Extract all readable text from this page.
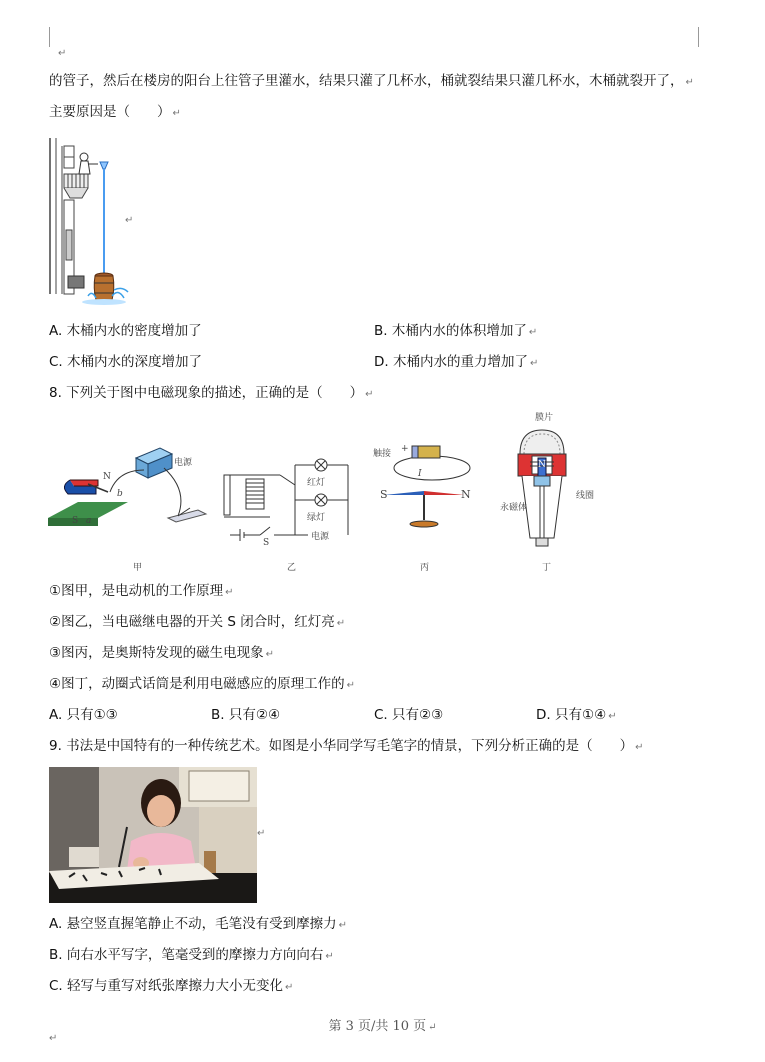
↵
的管子，然后在楼房的阳台上往管子里灌水，结果只灌了几杯水，桶就裂结果只灌几杯水，木桶就裂开了， ↵
主要原因是（　　） ↵
↵
A. 木桶内水的密度增加了	B. 木桶内水的体积增加了 ↵
C. 木桶内水的深度增加了	D. 木桶内水的重力增加了 ↵
8. 下列关于图中电磁现象的描述，正确的是（　　） ↵
电源
N
b
S a
红灯
绿灯
S
电源
触接 +
I
S	N
膜片
N
永磁体
线圈
甲	乙	丙	丁
①图甲，是电动机的工作原理 ↵
②图乙，当电磁继电器的开关 S 闭合时，红灯亮 ↵
③图丙，是奥斯特发现的磁生电现象 ↵
④图丁，动圈式话筒是利用电磁感应的原理工作的 ↵
A. 只有①③	B. 只有②④	C. 只有②③	D. 只有①④ ↵
9. 书法是中国特有的一种传统艺术。如图是小华同学写毛笔字的情景，下列分析正确的是（　　） ↵
↵
A. 悬空竖直握笔静止不动，毛笔没有受到摩擦力 ↵
B. 向右水平写字，笔毫受到的摩擦力方向向右 ↵
C. 轻写与重写对纸张摩擦力大小无变化 ↵
第 3 页/共 10 页 ↵
↵
